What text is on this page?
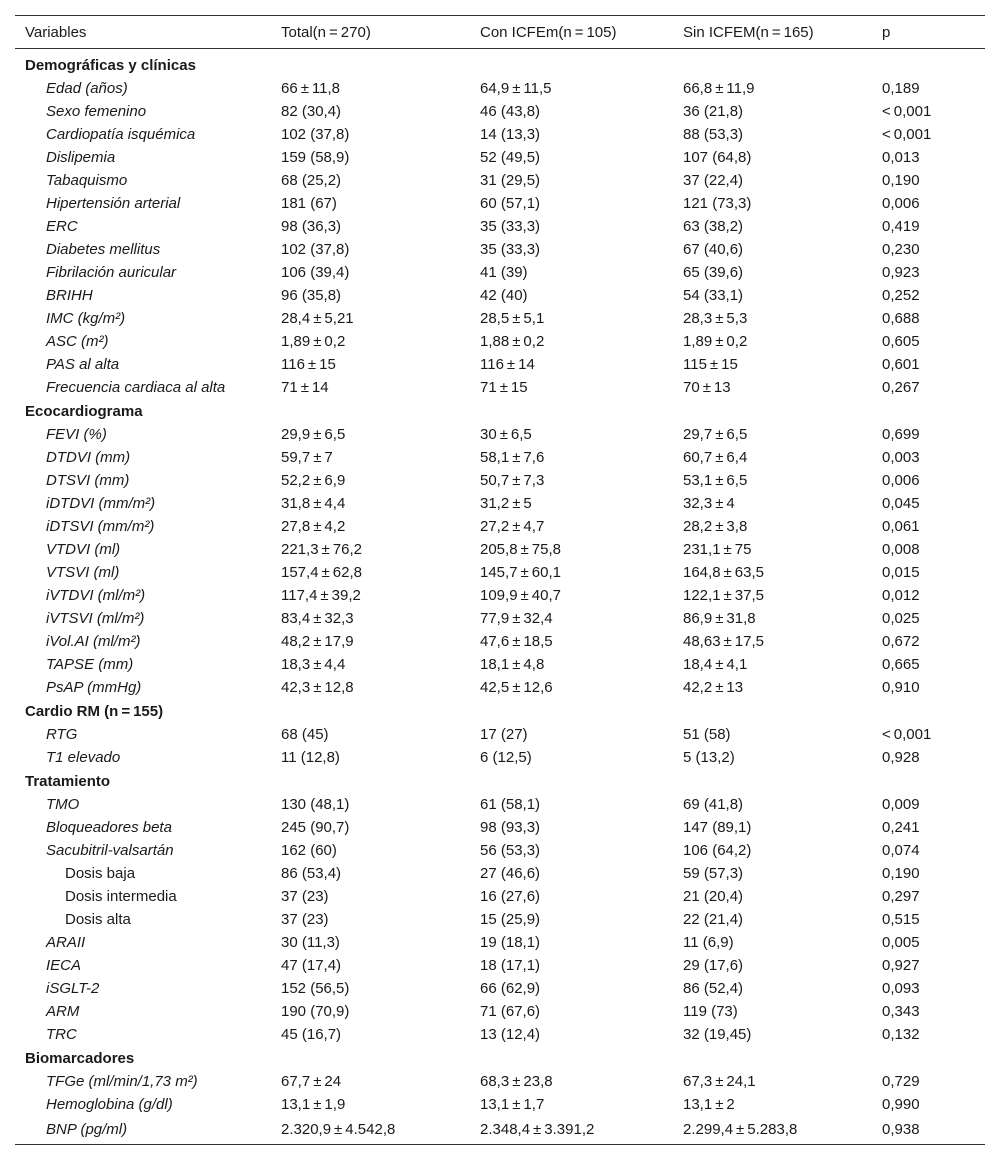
Variables	Total(n = 270)	Con ICFEm(n = 105)	Sin ICFEM(n = 165)	p
Demográficas y clínicas				
Edad (años)	66 ± 11,8	64,9 ± 11,5	66,8 ± 11,9	0,189
Sexo femenino	82 (30,4)	46 (43,8)	36 (21,8)	< 0,001
Cardiopatía isquémica	102 (37,8)	14 (13,3)	88 (53,3)	< 0,001
Dislipemia	159 (58,9)	52 (49,5)	107 (64,8)	0,013
Tabaquismo	68 (25,2)	31 (29,5)	37 (22,4)	0,190
Hipertensión arterial	181 (67)	60 (57,1)	121 (73,3)	0,006
ERC	98 (36,3)	35 (33,3)	63 (38,2)	0,419
Diabetes mellitus	102 (37,8)	35 (33,3)	67 (40,6)	0,230
Fibrilación auricular	106 (39,4)	41 (39)	65 (39,6)	0,923
BRIHH	96 (35,8)	42 (40)	54 (33,1)	0,252
IMC (kg/m²)	28,4 ± 5,21	28,5 ± 5,1	28,3 ± 5,3	0,688
ASC (m²)	1,89 ± 0,2	1,88 ± 0,2	1,89 ± 0,2	0,605
PAS al alta	116 ± 15	116 ± 14	115 ± 15	0,601
Frecuencia cardiaca al alta	71 ± 14	71 ± 15	70 ± 13	0,267
Ecocardiograma				
FEVI (%)	29,9 ± 6,5	30 ± 6,5	29,7 ± 6,5	0,699
DTDVI (mm)	59,7 ± 7	58,1 ± 7,6	60,7 ± 6,4	0,003
DTSVI (mm)	52,2 ± 6,9	50,7 ± 7,3	53,1 ± 6,5	0,006
iDTDVI (mm/m²)	31,8 ± 4,4	31,2 ± 5	32,3 ± 4	0,045
iDTSVI (mm/m²)	27,8 ± 4,2	27,2 ± 4,7	28,2 ± 3,8	0,061
VTDVI (ml)	221,3 ± 76,2	205,8 ± 75,8	231,1 ± 75	0,008
VTSVI (ml)	157,4 ± 62,8	145,7 ± 60,1	164,8 ± 63,5	0,015
iVTDVI (ml/m²)	117,4 ± 39,2	109,9 ± 40,7	122,1 ± 37,5	0,012
iVTSVI (ml/m²)	83,4 ± 32,3	77,9 ± 32,4	86,9 ± 31,8	0,025
iVol.AI (ml/m²)	48,2 ± 17,9	47,6 ± 18,5	48,63 ± 17,5	0,672
TAPSE (mm)	18,3 ± 4,4	18,1 ± 4,8	18,4 ± 4,1	0,665
PsAP (mmHg)	42,3 ± 12,8	42,5 ± 12,6	42,2 ± 13	0,910
Cardio RM (n = 155)				
RTG	68 (45)	17 (27)	51 (58)	< 0,001
T1 elevado	11 (12,8)	6 (12,5)	5 (13,2)	0,928
Tratamiento				
TMO	130 (48,1)	61 (58,1)	69 (41,8)	0,009
Bloqueadores beta	245 (90,7)	98 (93,3)	147 (89,1)	0,241
Sacubitril-valsartán	162 (60)	56 (53,3)	106 (64,2)	0,074
Dosis baja	86 (53,4)	27 (46,6)	59 (57,3)	0,190
Dosis intermedia	37 (23)	16 (27,6)	21 (20,4)	0,297
Dosis alta	37 (23)	15 (25,9)	22 (21,4)	0,515
ARAII	30 (11,3)	19 (18,1)	11 (6,9)	0,005
IECA	47 (17,4)	18 (17,1)	29 (17,6)	0,927
iSGLT-2	152 (56,5)	66 (62,9)	86 (52,4)	0,093
ARM	190 (70,9)	71 (67,6)	119 (73)	0,343
TRC	45 (16,7)	13 (12,4)	32 (19,45)	0,132
Biomarcadores				
TFGe (ml/min/1,73 m²)	67,7 ± 24	68,3 ± 23,8	67,3 ± 24,1	0,729
Hemoglobina (g/dl)	13,1 ± 1,9	13,1 ± 1,7	13,1 ± 2	0,990
BNP (pg/ml)	2.320,9 ± 4.542,8	2.348,4 ± 3.391,2	2.299,4 ± 5.283,8	0,938
